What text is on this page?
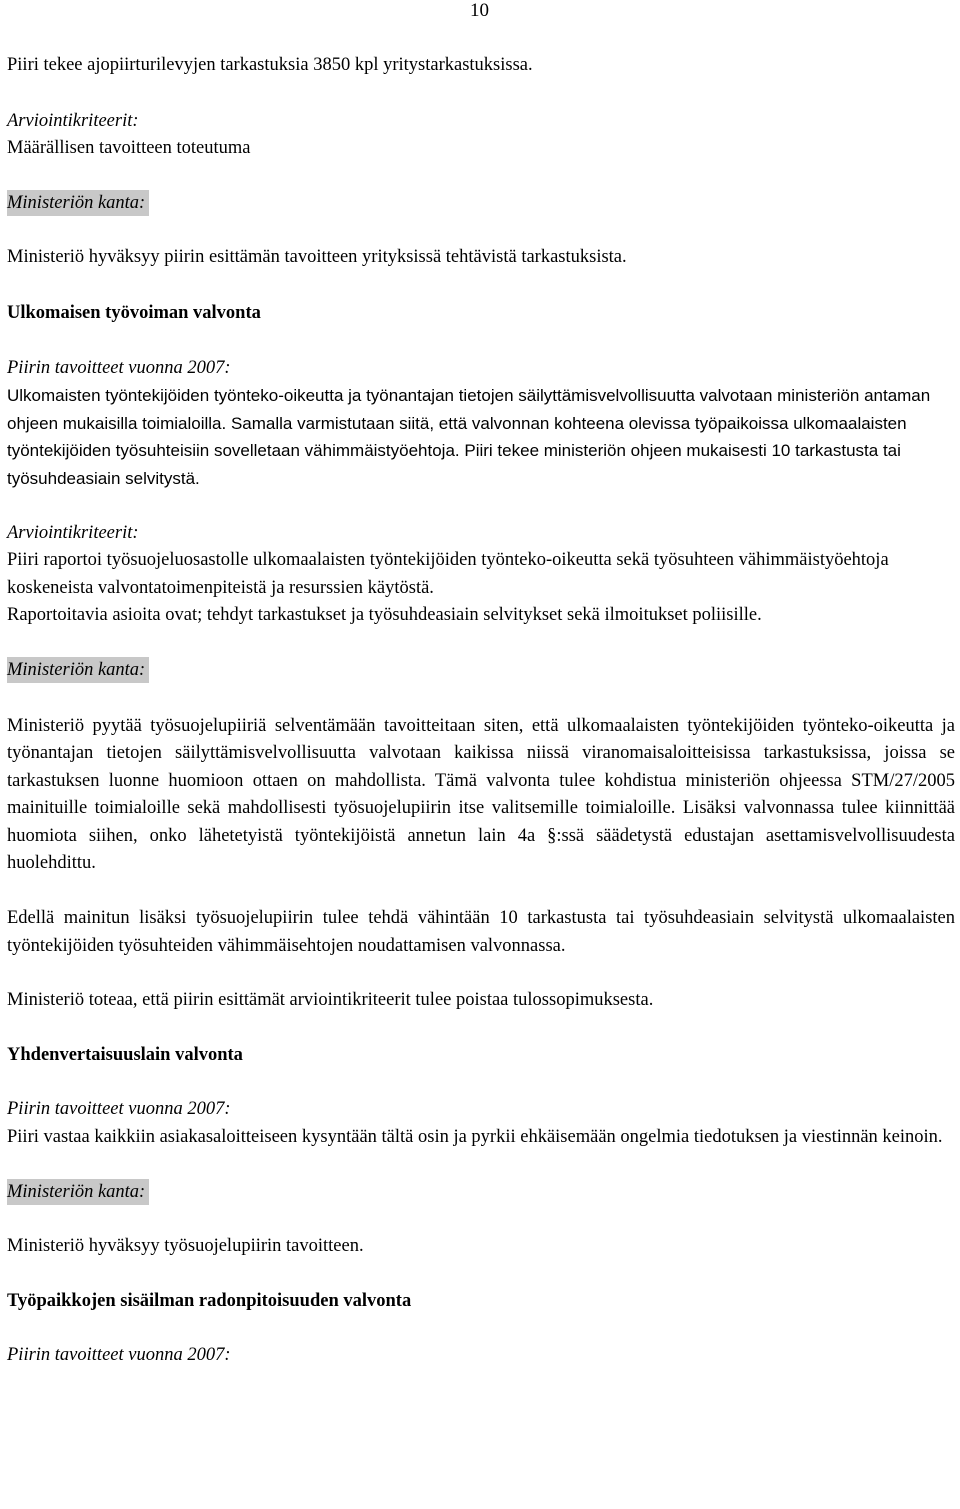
10

Piiri tekee ajopiirturilevyjen tarkastuksia 3850 kpl yritystarkastuksissa.

Arviointikriteerit:

Määrällisen tavoitteen toteutuma

Ministeriön kanta:

Ministeriö hyväksyy piirin esittämän tavoitteen yrityksissä tehtävistä tarkastuksista.

Ulkomaisen työvoiman valvonta

Piirin tavoitteet vuonna 2007:

Ulkomaisten työntekijöiden työnteko-oikeutta ja työnantajan tietojen säilyttämisvelvollisuutta valvotaan ministeriön antaman ohjeen mukaisilla toimialoilla. Samalla varmistutaan siitä, että valvonnan kohteena olevissa työpaikoissa ulkomaalaisten työntekijöiden työsuhteisiin sovelletaan vähimmäistyöehtoja. Piiri tekee ministeriön ohjeen mukaisesti 10 tarkastusta tai työsuhdeasiain selvitystä.

Arviointikriteerit:

Piiri raportoi työsuojeluosastolle ulkomaalaisten työntekijöiden työnteko-oikeutta sekä työsuhteen vähimmäistyöehtoja koskeneista valvontatoimenpiteistä ja resurssien käytöstä.

Raportoitavia asioita ovat; tehdyt tarkastukset ja työsuhdeasiain selvitykset sekä ilmoitukset poliisille.

Ministeriön kanta:

Ministeriö pyytää työsuojelupiiriä selventämään tavoitteitaan siten, että ulkomaalaisten työntekijöiden työnteko-oikeutta ja työnantajan tietojen säilyttämisvelvollisuutta valvotaan kaikissa niissä viranomaisaloitteisissa tarkastuksissa, joissa se tarkastuksen luonne huomioon ottaen on mahdollista. Tämä valvonta tulee kohdistua ministeriön ohjeessa STM/27/2005 mainituille toimialoille sekä mahdollisesti työsuojelupiirin itse valitsemille toimialoille. Lisäksi valvonnassa tulee kiinnittää huomiota siihen, onko lähetetyistä työntekijöistä annetun lain 4a §:ssä säädetystä edustajan asettamisvelvollisuudesta huolehdittu.

Edellä mainitun lisäksi työsuojelupiirin tulee tehdä vähintään 10 tarkastusta tai työsuhdeasiain selvitystä ulkomaalaisten työntekijöiden työsuhteiden vähimmäisehtojen noudattamisen valvonnassa.

Ministeriö toteaa, että piirin esittämät arviointikriteerit tulee poistaa tulossopimuksesta.

Yhdenvertaisuuslain valvonta

Piirin tavoitteet vuonna 2007:

Piiri vastaa kaikkiin asiakasaloitteiseen kysyntään tältä osin ja pyrkii ehkäisemään ongelmia tiedotuksen ja viestinnän keinoin.

Ministeriön kanta:

Ministeriö hyväksyy työsuojelupiirin tavoitteen.

Työpaikkojen sisäilman radonpitoisuuden valvonta

Piirin tavoitteet vuonna 2007:
